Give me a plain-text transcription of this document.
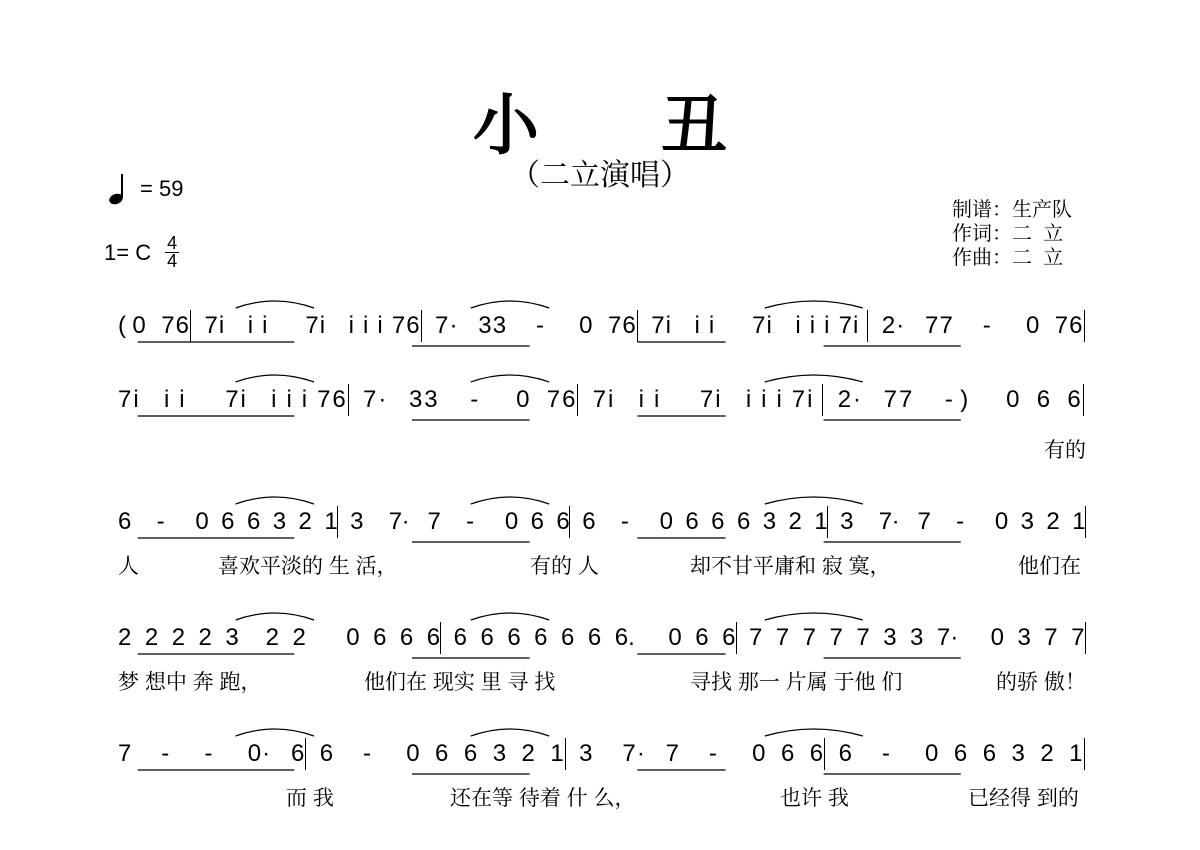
小 丑
（二立演唱）
= 59
1= C $\frac{4}{4}$
制谱：生产队
作词：二  立
作曲：二  立
( 0 7 6 7 i i i 7 i i i i 7 6 7 · 3 3 - 0 7 6 7 i i i 7 i i i i 7 i 2 · 7 7 - 0 7 6
7 i i i 7 i i i i 7 6 7 · 3 3 - 0 7 6 7 i i i 7 i i i i 7 i 2 · 7 7 - ) 0 6 6
有的
6 - 0 6 6 3 2 1 3 7 · 7 - 0 6 6 6 - 0 6 6 6 3 2 1 3 7 · 7 - 0 3 2 1
人	喜欢平淡的 生 活，	有的 人	却不甘平庸和 寂 寞，	他们在
2 2 2 2 3 2 2 0 6 6 6 6 6 6 6 6 6 6 . 0 6 6 7 7 7 7 7 3 3 7 · 0 3 7 7
梦 想中 奔 跑，	他们在 现实 里 寻 找	寻找 那一 片属 于他 们	的骄 傲！
7 - - 0 · 6 6 - 0 6 6 3 2 1 3 7 · 7 - 0 6 6 6 - 0 6 6 3 2 1
而 我	还在等 待着 什 么，	也许 我	已经得 到的
